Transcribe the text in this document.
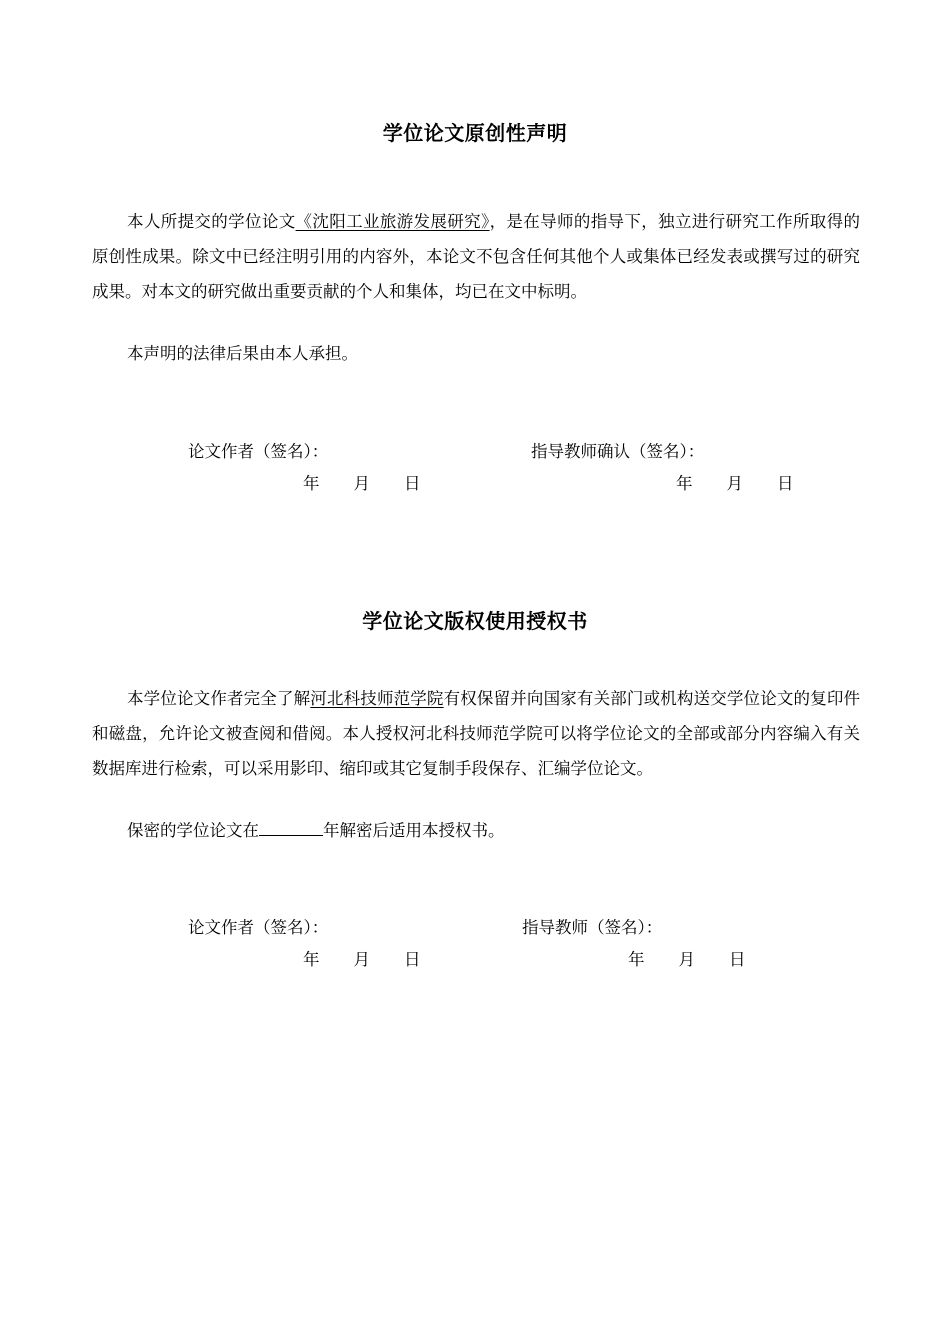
学位论文原创性声明

本人所提交的学位论文《沈阳工业旅游发展研究》，是在导师的指导下，独立进行研究工作所取得的原创性成果。除文中已经注明引用的内容外，本论文不包含任何其他个人或集体已经发表或撰写过的研究成果。对本文的研究做出重要贡献的个人和集体，均已在文中标明。

本声明的法律后果由本人承担。

论文作者（签名）：	指导教师确认（签名）：
年 月 日	年 月 日
学位论文版权使用授权书

本学位论文作者完全了解河北科技师范学院有权保留并向国家有关部门或机构送交学位论文的复印件和磁盘，允许论文被查阅和借阅。本人授权河北科技师范学院可以将学位论文的全部或部分内容编入有关数据库进行检索，可以采用影印、缩印或其它复制手段保存、汇编学位论文。

保密的学位论文在	年解密后适用本授权书。

论文作者（签名）：	指导教师（签名）：
年 月 日	年 月 日
